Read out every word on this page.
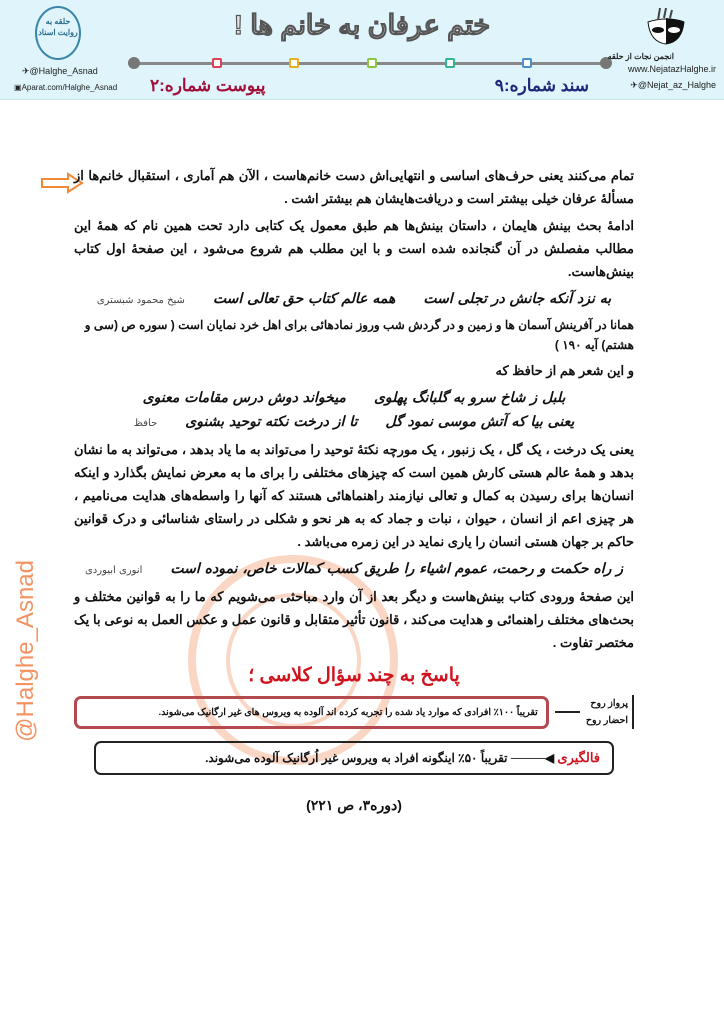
حلقه به روایت اسناد
✈@Halghe_Asnad
▣Aparat.com/Halghe_Asnad
ختم عرفان به خانم ها !
پیوست شماره:۲	سند شماره:۹
انجمن نجات از حلقه
www.NejatazHalghe.ir
✈@Nejat_az_Halghe
@Halghe_Asnad
تمام می‌کنند یعنی حرف‌های اساسی و انتهایی‌اش دست خانم‌هاست ، الآن هم آماری ، استقبال خانم‌ها از مسألهٔ عرفان خیلی بیشتر است و دریافت‌هایشان هم بیشتر اشت .
ادامهٔ بحث بینش هایمان ، داستان بینش‌ها هم طبق معمول یک کتابی دارد تحت همین نام که همهٔ این مطالب مفصلش در آن گنجانده شده است و با این مطلب هم شروع می‌شود ، این صفحهٔ اول کتاب بینش‌هاست.
به نزد آنکه جانش در تجلی است
همه عالم کتاب حق تعالی است
شیخ محمود شبستری
همانا در آفرینش آسمان ها و زمین و در گردش شب وروز نمادهائی برای اهل خرد نمایان است ( سوره ص (سی و هشتم) آیه ۱۹۰ )
و این شعر هم از حافظ که
بلبل ز شاخ سرو به گلبانگ پهلوی
میخواند دوش درس مقامات معنوی
یعنی بیا که آتش موسی نمود گل
تا از درخت نکته توحید بشنوی
حافظ
یعنی یک درخت ، یک گل ، یک زنبور ، یک مورچه نکتهٔ توحید را می‌تواند به ما یاد بدهد ، می‌تواند به ما نشان بدهد و همهٔ عالم هستی کارش همین است که چیزهای مختلفی را برای ما به معرض نمایش بگذارد و اینکه انسان‌ها برای رسیدن به کمال و تعالی نیازمند راهنماهائی هستند که آنها را واسطه‌های هدایت می‌نامیم ، هر چیزی اعم از انسان ، حیوان ، نبات و جماد که به هر نحو و شکلی در راستای شناسائی و درک قوانین حاکم بر جهان هستی انسان را یاری نماید در این زمره می‌باشد .
ز راه حکمت و رحمت، عموم اشیاء را طریق کسب کمالات خاص، نموده است
انوری ابیوردی
این صفحهٔ ورودی کتاب بینش‌هاست و دیگر بعد از آن وارد مباحثی می‌شویم که ما را به قوانین مختلف و بحث‌های مختلف راهنمائی و هدایت می‌کند ، قانون تأثیر متقابل و قانون عمل و عکس العمل به نوعی با یک مختصر تفاوت .
پاسخ به چند سؤال کلاسی ؛
پرواز روح
احضار روح
تقریباً ۱۰۰٪ افرادی که موارد یاد شده را تجربه کرده اند آلوده به ویروس های غیر ارگانیک می‌شوند.
فالگیری ◀──── تقریباً ۵۰٪ اینگونه افراد به ویروس غیر اُرگانیک آلوده می‌شوند.
(دوره۳، ص ۲۲۱)
